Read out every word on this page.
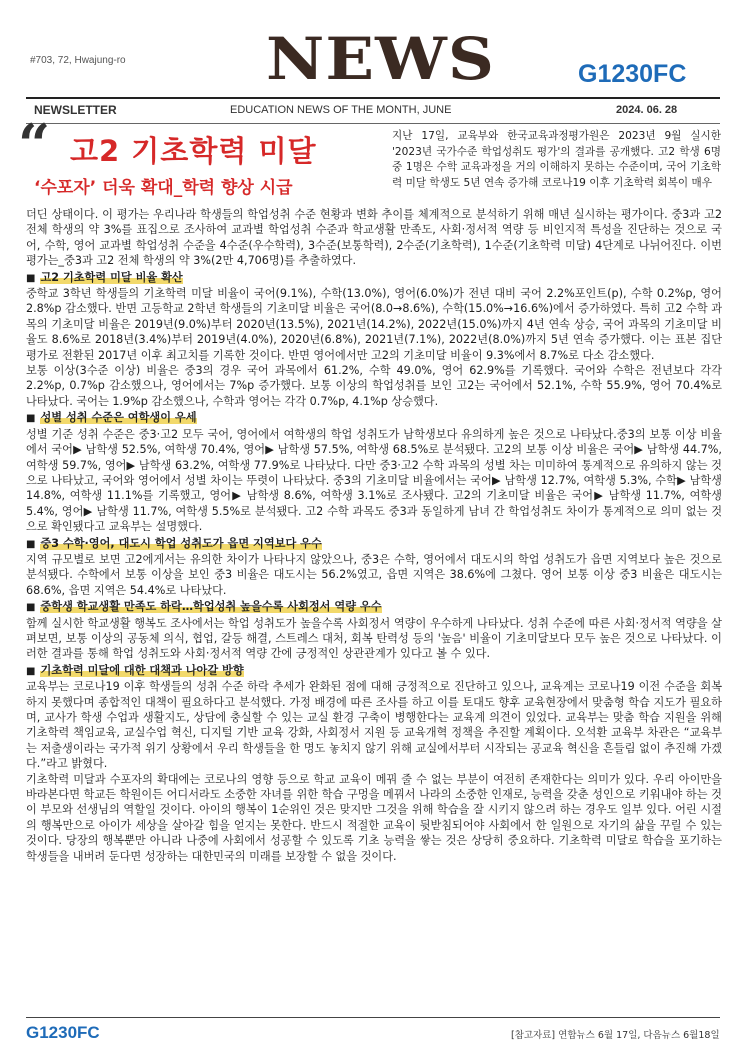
#703, 72, Hwajung-ro NEWS	G1230FC
NEWSLETTER	EDUCATION NEWS OF THE MONTH, JUNE	2024. 06. 28
“ 고2 기초학력 미달
‘수포자’ 더욱 확대_학력 향상 시급
지난 17일, 교육부와 한국교육과정평가원은 2023년 9월 실시한 '2023년 국가수준 학업성취도 평가'의 결과를 공개했다. 고2 학생 6명 중 1명은 수학 교육과정을 거의 이해하지 못하는 수준이며, 국어 기초학력 미달 학생도 5년 연속 증가해 코로나19 이후 기초학력 회복이 매우

더딘 상태이다. 이 평가는 우리나라 학생들의 학업성취 수준 현황과 변화 추이를 체계적으로 분석하기 위해 매년 실시하는 평가이다. 중3과 고2 전체 학생의 약 3%를 표집으로 조사하여 교과별 학업성취 수준과 학교생활 만족도, 사회·정서적 역량 등 비인지적 특성을 진단하는 것으로 국어, 수학, 영어 교과별 학업성취 수준을 4수준(우수학력), 3수준(보통학력), 2수준(기초학력), 1수준(기초학력 미달) 4단계로 나뉘어진다. 이번 평가는_중3과 고2 전체 학생의 약 3%(2만 4,706명)를 추출하였다.

■ 고2 기초학력 미달 비율 확산

중학교 3학년 학생들의 기초학력 미달 비율이 국어(9.1%), 수학(13.0%), 영어(6.0%)가 전년 대비 국어 2.2%포인트(p), 수학 0.2%p, 영어 2.8%p 감소했다. 반면 고등학교 2학년 학생들의 기초미달 비율은 국어(8.0→8.6%), 수학(15.0%→16.6%)에서 증가하였다. 특히 고2 수학 과목의 기초미달 비율은 2019년(9.0%)부터 2020년(13.5%), 2021년(14.2%), 2022년(15.0%)까지 4년 연속 상승, 국어 과목의 기초미달 비율도 8.6%로 2018년(3.4%)부터 2019년(4.0%), 2020년(6.8%), 2021년(7.1%), 2022년(8.0%)까지 5년 연속 증가했다. 이는 표본 집단평가로 전환된 2017년 이후 최고치를 기록한 것이다. 반면 영어에서만 고2의 기초미달 비율이 9.3%에서 8.7%로 다소 감소했다.

보통 이상(3수준 이상) 비율은 중3의 경우 국어 과목에서 61.2%, 수학 49.0%, 영어 62.9%를 기록했다. 국어와 수학은 전년보다 각각 2.2%p, 0.7%p 감소했으나, 영어에서는 7%p 증가했다. 보통 이상의 학업성취를 보인 고2는 국어에서 52.1%, 수학 55.9%, 영어 70.4%로 나타났다. 국어는 1.9%p 감소했으나, 수학과 영어는 각각 0.7%p, 4.1%p 상승했다.

■ 성별 성취 수준은 여학생이 우세

성별 기준 성취 수준은 중3·고2 모두 국어, 영어에서 여학생의 학업 성취도가 남학생보다 유의하게 높은 것으로 나타났다.중3의 보통 이상 비율에서 국어▶ 남학생 52.5%, 여학생 70.4%, 영어▶ 남학생 57.5%, 여학생 68.5%로 분석됐다. 고2의 보통 이상 비율은 국어▶ 남학생 44.7%, 여학생 59.7%, 영어▶ 남학생 63.2%, 여학생 77.9%로 나타났다. 다만 중3·고2 수학 과목의 성별 차는 미미하여 통계적으로 유의하지 않는 것으로 나타났고, 국어와 영어에서 성별 차이는 뚜렷이 나타났다. 중3의 기초미달 비율에서는 국어▶ 남학생 12.7%, 여학생 5.3%, 수학▶ 남학생 14.8%, 여학생 11.1%를 기록했고, 영어▶ 남학생 8.6%, 여학생 3.1%로 조사됐다. 고2의 기초미달 비율은 국어▶ 남학생 11.7%, 여학생 5.4%, 영어▶ 남학생 11.7%, 여학생 5.5%로 분석됐다. 고2 수학 과목도 중3과 동일하게 남녀 간 학업성취도 차이가 통계적으로 의미 없는 것으로 확인됐다고 교육부는 설명했다.

■ 중3 수학·영어, 대도시 학업 성취도가 읍면 지역보다 우수

지역 규모별로 보면 고2에게서는 유의한 차이가 나타나지 않았으나, 중3은 수학, 영어에서 대도시의 학업 성취도가 읍면 지역보다 높은 것으로 분석됐다. 수학에서 보통 이상을 보인 중3 비율은 대도시는 56.2%였고, 읍면 지역은 38.6%에 그쳤다. 영어 보통 이상 중3 비율은 대도시는 68.6%, 읍면 지역은 54.4%로 나타났다.

■ 중학생 학교생활 만족도 하락…학업성취 높을수록 사회정서 역량 우수

함께 실시한 학교생활 행복도 조사에서는 학업 성취도가 높을수록 사회정서 역량이 우수하게 나타났다. 성취 수준에 따른 사회·정서적 역량을 살펴보면, 보통 이상의 공동체 의식, 협업, 갈등 해결, 스트레스 대처, 회복 탄력성 등의 '높음' 비율이 기초미달보다 모두 높은 것으로 나타났다. 이러한 결과를 통해 학업 성취도와 사회·정서적 역량 간에 긍정적인 상관관계가 있다고 볼 수 있다.

■ 기초학력 미달에 대한 대책과 나아갈 방향

교육부는 코로나19 이후 학생들의 성취 수준 하락 추세가 완화된 점에 대해 긍정적으로 진단하고 있으나, 교육계는 코로나19 이전 수준을 회복하지 못했다며 종합적인 대책이 필요하다고 분석했다. 가정 배경에 따른 조사를 하고 이를 토대도 향후 교육현장에서 맞춤형 학습 지도가 필요하며, 교사가 학생 수업과 생활지도, 상담에 충실할 수 있는 교실 환경 구축이 병행한다는 교육계 의견이 있었다. 교육부는 맞춤 학습 지원을 위해 기초학력 책임교육, 교실수업 혁신, 디지털 기반 교육 강화, 사회정서 지원 등 교육개혁 정책을 추진할 계획이다. 오석환 교육부 차관은 “교육부는 저출생이라는 국가적 위기 상황에서 우리 학생들을 한 명도 놓치지 않기 위해 교실에서부터 시작되는 공교육 혁신을 흔들림 없이 추진해 가겠다.”라고 밝혔다.

기초학력 미달과 수포자의 확대에는 코로나의 영향 등으로 학교 교육이 메꿔 줄 수 없는 부분이 여전히 존재한다는 의미가 있다. 우리 아이만을 바라본다면 학교든 학원이든 어디서라도 소중한 자녀를 위한 학습 구멍을 메꿔서 나라의 소중한 인재로, 능력을 갖춘 성인으로 키워내야 하는 것이 부모와 선생님의 역할일 것이다. 아이의 행복이 1순위인 것은 맞지만 그것을 위해 학습을 잘 시키지 않으려 하는 경우도 일부 있다. 어린 시절의 행복만으로 아이가 세상을 살아갈 힘을 얻지는 못한다. 반드시 적절한 교육이 뒷받침되어야 사회에서 한 일원으로 자기의 삶을 꾸릴 수 있는 것이다. 당장의 행복뿐만 아니라 나중에 사회에서 성공할 수 있도록 기초 능력을 쌓는 것은 상당히 중요하다. 기초학력 미달로 학습을 포기하는 학생들을 내버려 둔다면 성장하는 대한민국의 미래를 보장할 수 없을 것이다.

G1230FC	[참고자료] 연합뉴스 6월 17일, 다음뉴스 6월18일
